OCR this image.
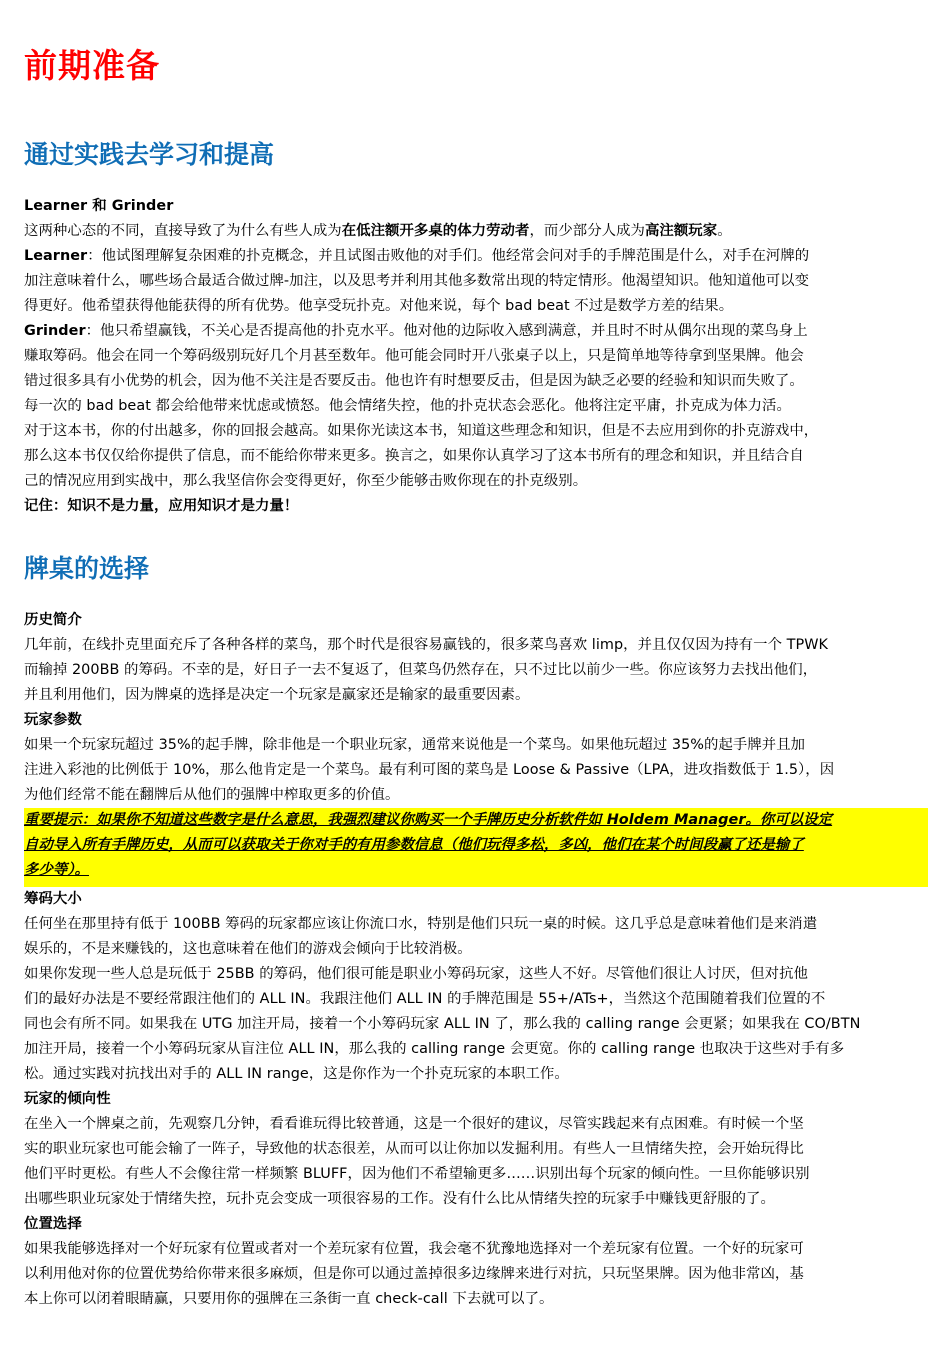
前期准备
通过实践去学习和提高
Learner 和 Grinder
这两种心态的不同，直接导致了为什么有些人成为在低注额开多桌的体力劳动者，而少部分人成为高注额玩家。
Learner：他试图理解复杂困难的扑克概念，并且试图击败他的对手们。他经常会问对手的手牌范围是什么，对手在河牌的
加注意味着什么，哪些场合最适合做过牌-加注，以及思考并利用其他多数常出现的特定情形。他渴望知识。他知道他可以变
得更好。他希望获得他能获得的所有优势。他享受玩扑克。对他来说，每个 bad beat 不过是数学方差的结果。
Grinder：他只希望赢钱，不关心是否提高他的扑克水平。他对他的边际收入感到满意，并且时不时从偶尔出现的菜鸟身上
赚取筹码。他会在同一个筹码级别玩好几个月甚至数年。他可能会同时开八张桌子以上，只是简单地等待拿到坚果牌。他会
错过很多具有小优势的机会，因为他不关注是否要反击。他也许有时想要反击，但是因为缺乏必要的经验和知识而失败了。
每一次的 bad beat 都会给他带来忧虑或愤怒。他会情绪失控，他的扑克状态会恶化。他将注定平庸，扑克成为体力活。
对于这本书，你的付出越多，你的回报会越高。如果你光读这本书，知道这些理念和知识，但是不去应用到你的扑克游戏中，
那么这本书仅仅给你提供了信息，而不能给你带来更多。换言之，如果你认真学习了这本书所有的理念和知识，并且结合自
己的情况应用到实战中，那么我坚信你会变得更好，你至少能够击败你现在的扑克级别。
记住：知识不是力量，应用知识才是力量！
牌桌的选择
历史简介
几年前，在线扑克里面充斥了各种各样的菜鸟，那个时代是很容易赢钱的，很多菜鸟喜欢 limp，并且仅仅因为持有一个 TPWK
而输掉 200BB 的筹码。不幸的是，好日子一去不复返了，但菜鸟仍然存在，只不过比以前少一些。你应该努力去找出他们，
并且利用他们，因为牌桌的选择是决定一个玩家是赢家还是输家的最重要因素。
玩家参数
如果一个玩家玩超过 35%的起手牌，除非他是一个职业玩家，通常来说他是一个菜鸟。如果他玩超过 35%的起手牌并且加
注进入彩池的比例低于 10%，那么他肯定是一个菜鸟。最有利可图的菜鸟是 Loose & Passive（LPA，进攻指数低于 1.5），因
为他们经常不能在翻牌后从他们的强牌中榨取更多的价值。
重要提示：如果你不知道这些数字是什么意思，我强烈建议你购买一个手牌历史分析软件如 Holdem Manager。你可以设定
自动导入所有手牌历史，从而可以获取关于你对手的有用参数信息（他们玩得多松，多凶，他们在某个时间段赢了还是输了
多少等）。
筹码大小
任何坐在那里持有低于 100BB 筹码的玩家都应该让你流口水，特别是他们只玩一桌的时候。这几乎总是意味着他们是来消遣
娱乐的，不是来赚钱的，这也意味着在他们的游戏会倾向于比较消极。
如果你发现一些人总是玩低于 25BB 的筹码，他们很可能是职业小筹码玩家，这些人不好。尽管他们很让人讨厌，但对抗他
们的最好办法是不要经常跟注他们的 ALL IN。我跟注他们 ALL IN 的手牌范围是 55+/ATs+，当然这个范围随着我们位置的不
同也会有所不同。如果我在 UTG 加注开局，接着一个小筹码玩家 ALL IN 了，那么我的 calling range 会更紧；如果我在 CO/BTN
加注开局，接着一个小筹码玩家从盲注位 ALL IN，那么我的 calling range 会更宽。你的 calling range 也取决于这些对手有多
松。通过实践对抗找出对手的 ALL IN range，这是你作为一个扑克玩家的本职工作。
玩家的倾向性
在坐入一个牌桌之前，先观察几分钟，看看谁玩得比较普通，这是一个很好的建议，尽管实践起来有点困难。有时候一个坚
实的职业玩家也可能会输了一阵子，导致他的状态很差，从而可以让你加以发掘利用。有些人一旦情绪失控，会开始玩得比
他们平时更松。有些人不会像往常一样频繁 BLUFF，因为他们不希望输更多……识别出每个玩家的倾向性。一旦你能够识别
出哪些职业玩家处于情绪失控，玩扑克会变成一项很容易的工作。没有什么比从情绪失控的玩家手中赚钱更舒服的了。
位置选择
如果我能够选择对一个好玩家有位置或者对一个差玩家有位置，我会毫不犹豫地选择对一个差玩家有位置。一个好的玩家可
以利用他对你的位置优势给你带来很多麻烦，但是你可以通过盖掉很多边缘牌来进行对抗，只玩坚果牌。因为他非常凶，基
本上你可以闭着眼睛赢，只要用你的强牌在三条街一直 check-call 下去就可以了。
